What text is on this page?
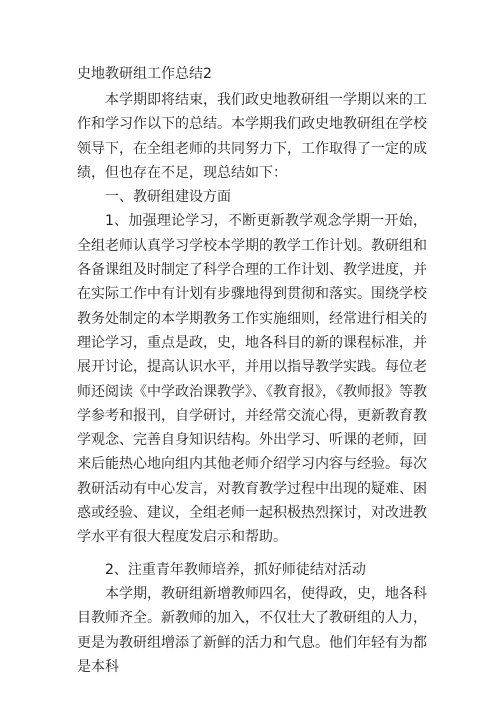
史地教研组工作总结2

本学期即将结束，我们政史地教研组一学期以来的工作和学习作以下的总结。本学期我们政史地教研组在学校领导下，在全组老师的共同努力下，工作取得了一定的成绩，但也存在不足，现总结如下：

一、教研组建设方面

1、加强理论学习，不断更新教学观念学期一开始，全组老师认真学习学校本学期的教学工作计划。教研组和各备课组及时制定了科学合理的工作计划、教学进度，并在实际工作中有计划有步骤地得到贯彻和落实。围绕学校教务处制定的本学期教务工作实施细则，经常进行相关的理论学习，重点是政，史，地各科目的新的课程标准，并展开讨论，提高认识水平，并用以指导教学实践。每位老师还阅读《中学政治课教学》、《教育报》，《教师报》等教学参考和报刊，自学研讨，并经常交流心得，更新教育教学观念、完善自身知识结构。外出学习、听课的老师，回来后能热心地向组内其他老师介绍学习内容与经验。每次教研活动有中心发言，对教育教学过程中出现的疑难、困惑或经验、建议，全组老师一起积极热烈探讨，对改进教学水平有很大程度发启示和帮助。

2、注重青年教师培养，抓好师徒结对活动

本学期，教研组新增教师四名，使得政，史，地各科目教师齐全。新教师的加入，不仅壮大了教研组的人力，更是为教研组增添了新鲜的活力和气息。他们年轻有为都是本科
